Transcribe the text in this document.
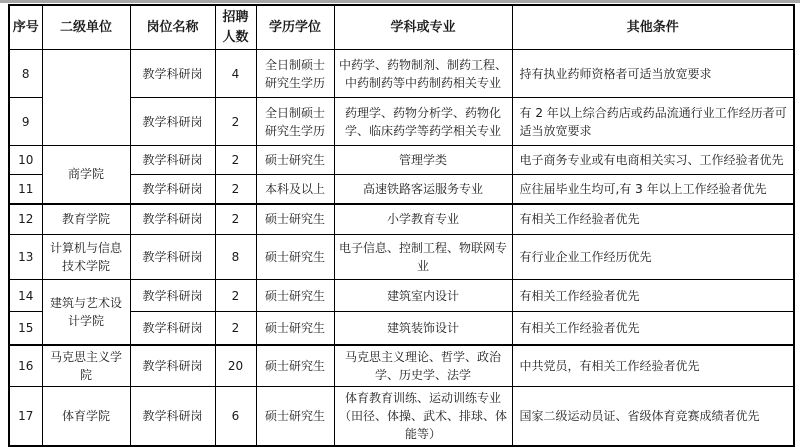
序号	二级单位	岗位名称	招聘人数	学历学位	学科或专业	其他条件
8		教学科研岗	4	全日制硕士研究生学历	中药学、药物制剂、制药工程、中药制药等中药制药相关专业	持有执业药师资格者可适当放宽要求
9		教学科研岗	2	全日制硕士研究生学历	药理学、药物分析学、药物化学、临床药学等药学相关专业	有 2 年以上综合药店或药品流通行业工作经历者可适当放宽要求
10	商学院	教学科研岗	2	硕士研究生	管理学类	电子商务专业或有电商相关实习、工作经验者优先
11		教学科研岗	2	本科及以上	高速铁路客运服务专业	应往届毕业生均可,有 3 年以上工作经验者优先
12	教育学院	教学科研岗	2	硕士研究生	小学教育专业	有相关工作经验者优先
13	计算机与信息技术学院	教学科研岗	8	硕士研究生	电子信息、控制工程、物联网专业	有行业企业工作经历优先
14	建筑与艺术设计学院	教学科研岗	2	硕士研究生	建筑室内设计	有相关工作经验者优先
15		教学科研岗	2	硕士研究生	建筑装饰设计	有相关工作经验者优先
16	马克思主义学院	教学科研岗	20	硕士研究生	马克思主义理论、哲学、政治学、历史学、法学	中共党员，有相关工作经验者优先
17	体育学院	教学科研岗	6	硕士研究生	体育教育训练、运动训练专业（田径、体操、武术、排球、体能等）	国家二级运动员证、省级体育竞赛成绩者优先
